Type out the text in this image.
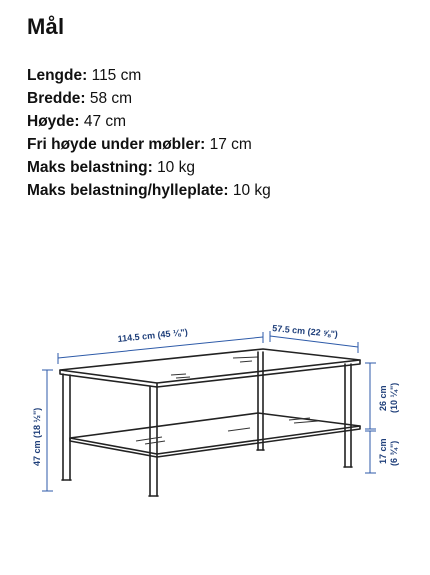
Mål
Lengde: 115 cm
Bredde: 58 cm
Høyde: 47 cm
Fri høyde under møbler: 17 cm
Maks belastning: 10 kg
Maks belastning/hylleplate: 10 kg
114.5 cm (45 ⅛")	57.5 cm (22 ⅝")
47 cm (18 ½")
26 cm (10 ¼")
17 cm (6 ¾")
